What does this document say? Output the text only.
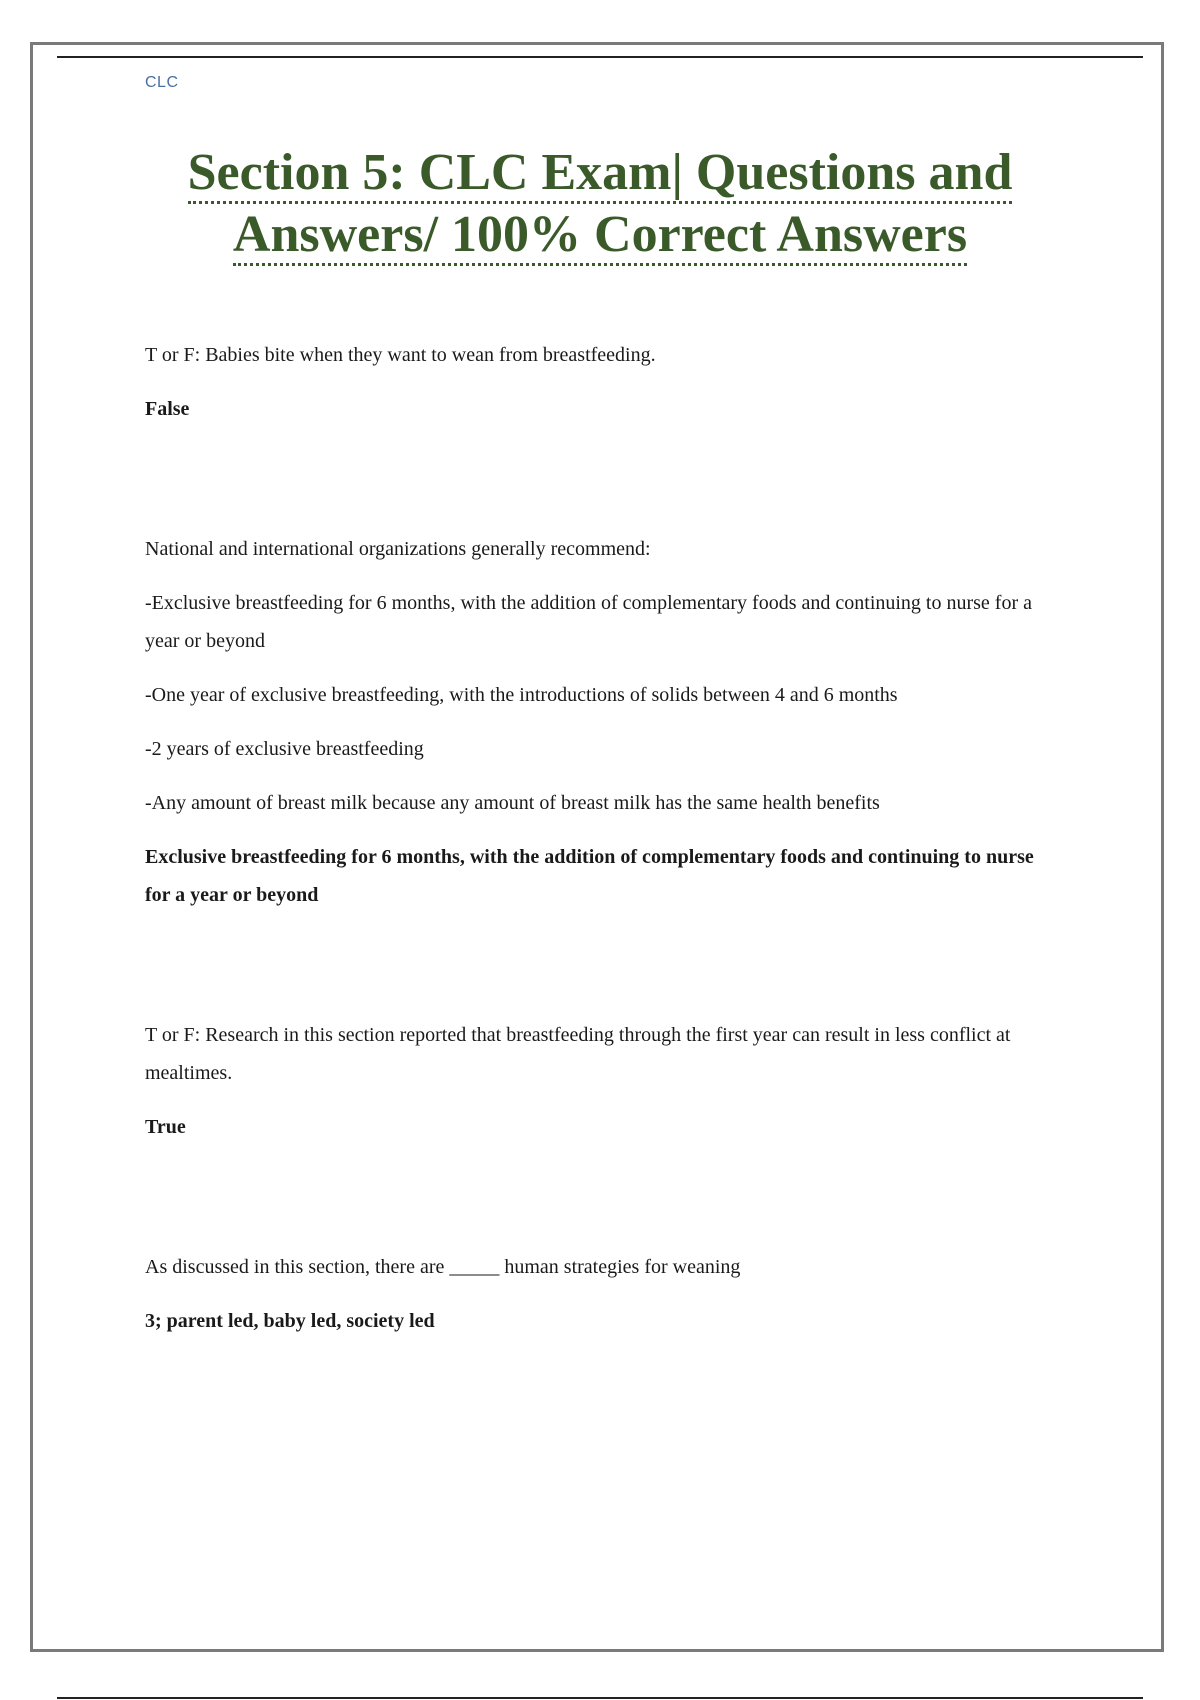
CLC
Section 5: CLC Exam| Questions and
Answers/ 100% Correct Answers

T or F: Babies bite when they want to wean from breastfeeding.

False

National and international organizations generally recommend:

-Exclusive breastfeeding for 6 months, with the addition of complementary foods and continuing to nurse for a year or beyond

-One year of exclusive breastfeeding, with the introductions of solids between 4 and 6 months

-2 years of exclusive breastfeeding

-Any amount of breast milk because any amount of breast milk has the same health benefits

Exclusive breastfeeding for 6 months, with the addition of complementary foods and continuing to nurse for a year or beyond

T or F: Research in this section reported that breastfeeding through the first year can result in less conflict at mealtimes.

True

As discussed in this section, there are _____ human strategies for weaning

3; parent led, baby led, society led
